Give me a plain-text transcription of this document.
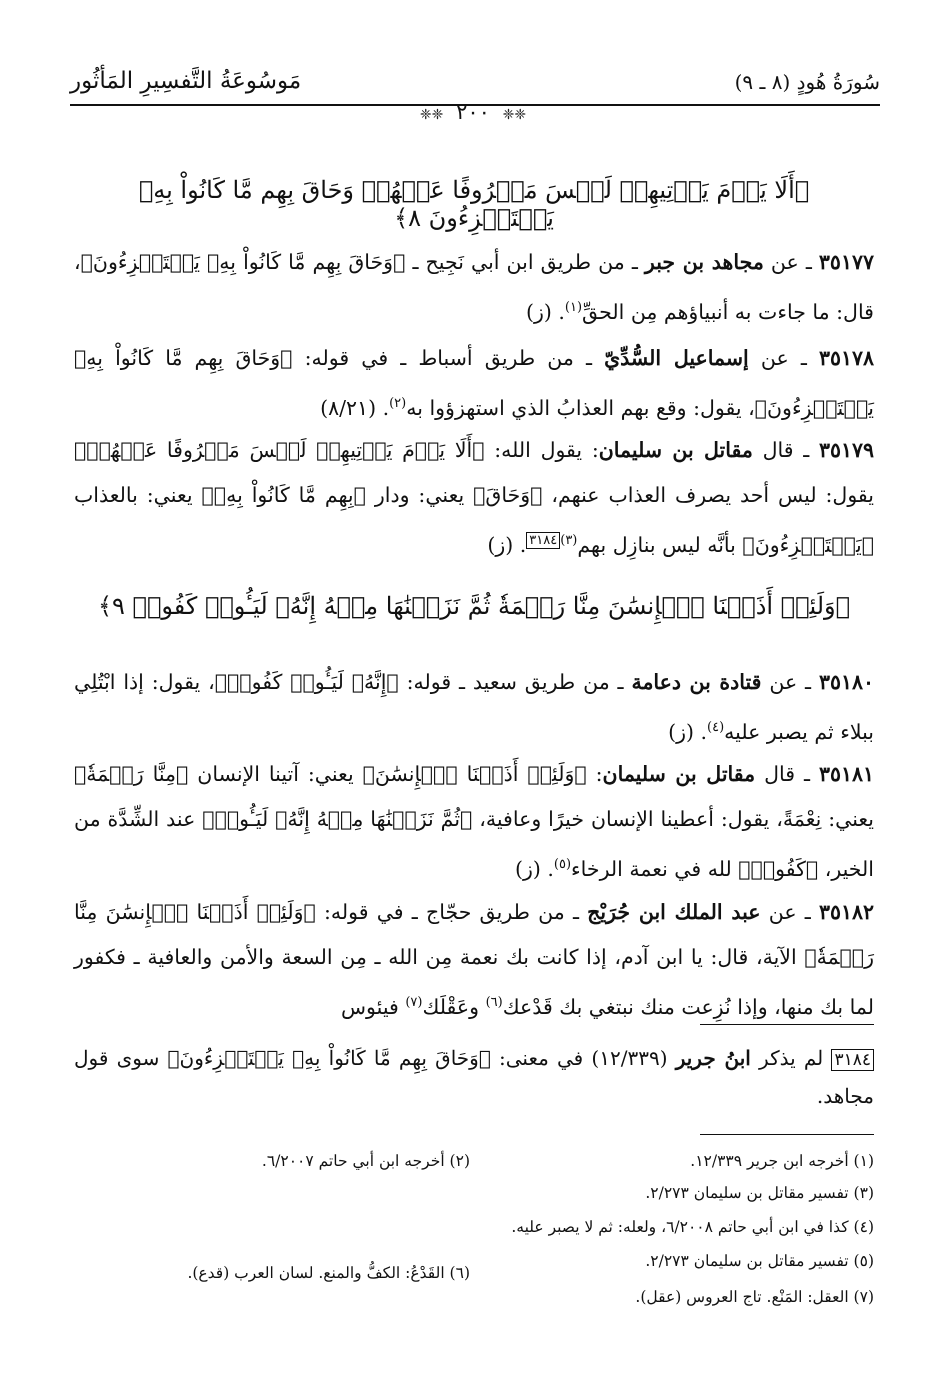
سُورَةُ هُودٍ (٨ ـ ٩)
مَوسُوعَةُ التَّفسِيرِ المَأثُور
❈❈ ٢٠٠ ❈❈
﴿أَلَا يَوۡمَ يَأۡتِيهِمۡ لَيۡسَ مَصۡرُوفًا عَنۡهُمۡ وَحَاقَ بِهِم مَّا كَانُواْ بِهِۦ يَسۡتَهۡزِءُونَ ٨﴾
٣٥١٧٧ ـ عن مجاهد بن جبر ـ من طريق ابن أبي نَجِيح ـ ﴿وَحَاقَ بِهِم مَّا كَانُواْ بِهِۦ يَسۡتَهۡزِءُونَ﴾، قال: ما جاءت به أنبياؤهم مِن الحقِّ$^{(١)}$. (ز)
٣٥١٧٨ ـ عن إسماعيل السُّدِّيّ ـ من طريق أسباط ـ في قوله: ﴿وَحَاقَ بِهِم مَّا كَانُواْ بِهِۦ يَسۡتَهۡزِءُونَ﴾، يقول: وقع بهم العذابُ الذي استهزؤوا به$^{(٢)}$. (٨/٢١)
٣٥١٧٩ ـ قال مقاتل بن سليمان: يقول الله: ﴿أَلَا يَوۡمَ يَأۡتِيهِمۡ لَيۡسَ مَصۡرُوفًا عَنۡهُمۡ﴾ يقول: ليس أحد يصرف العذاب عنهم، ﴿وَحَاقَ﴾ يعني: ودار ﴿بِهِم مَّا كَانُواْ بِهِۦ﴾ يعني: بالعذاب ﴿يَسۡتَهۡزِءُونَ﴾ بأنَّه ليس بنازِل بهم$^{(٣)٣١٨٤}$. (ز)
﴿وَلَئِنۡ أَذَقۡنَا ٱلۡإِنسَٰنَ مِنَّا رَحۡمَةٗ ثُمَّ نَزَعۡنَٰهَا مِنۡهُ إِنَّهُۥ لَيَـُٔوسٞ كَفُورٞ ٩﴾
٣٥١٨٠ ـ عن قتادة بن دعامة ـ من طريق سعيد ـ قوله: ﴿إِنَّهُۥ لَيَـُٔوسٞ كَفُورٞ﴾، يقول: إذا ابْتُلِي ببلاء ثم يصبر عليه$^{(٤)}$. (ز)
٣٥١٨١ ـ قال مقاتل بن سليمان: ﴿وَلَئِنۡ أَذَقۡنَا ٱلۡإِنسَٰنَ﴾ يعني: آتينا الإنسان ﴿مِنَّا رَحۡمَةٗ﴾ يعني: نِعْمَةً، يقول: أعطينا الإنسان خيرًا وعافية، ﴿ثُمَّ نَزَعۡنَٰهَا مِنۡهُ إِنَّهُۥ لَيَـُٔوسٞ﴾ عند الشِّدَّة من الخير، ﴿كَفُورٞ﴾ لله في نعمة الرخاء$^{(٥)}$. (ز)
٣٥١٨٢ ـ عن عبد الملك ابن جُرَيْج ـ من طريق حجّاج ـ في قوله: ﴿وَلَئِنۡ أَذَقۡنَا ٱلۡإِنسَٰنَ مِنَّا رَحۡمَةٗ﴾ الآية، قال: يا ابن آدم، إذا كانت بك نعمة مِن الله ـ مِن السعة والأمن والعافية ـ فكفور لما بك منها، وإذا نُزِعت منك نبتغي بك قَدْعك$^{(٦)}$ وعَقْلَك$^{(٧)}$ فيئوس
٣١٨٤ لم يذكر ابنُ جرير (١٢/٣٣٩) في معنى: ﴿وَحَاقَ بِهِم مَّا كَانُواْ بِهِۦ يَسۡتَهۡزِءُونَ﴾ سوى قول مجاهد.
(١) أخرجه ابن جرير ١٢/٣٣٩.
(٢) أخرجه ابن أبي حاتم ٦/٢٠٠٧.
(٣) تفسير مقاتل بن سليمان ٢/٢٧٣.
(٤) كذا في ابن أبي حاتم ٦/٢٠٠٨، ولعله: ثم لا يصبر عليه.
(٥) تفسير مقاتل بن سليمان ٢/٢٧٣.
(٦) القَدْعُ: الكفُّ والمنع. لسان العرب (قدع).
(٧) العقل: المَنْع. تاج العروس (عقل).
